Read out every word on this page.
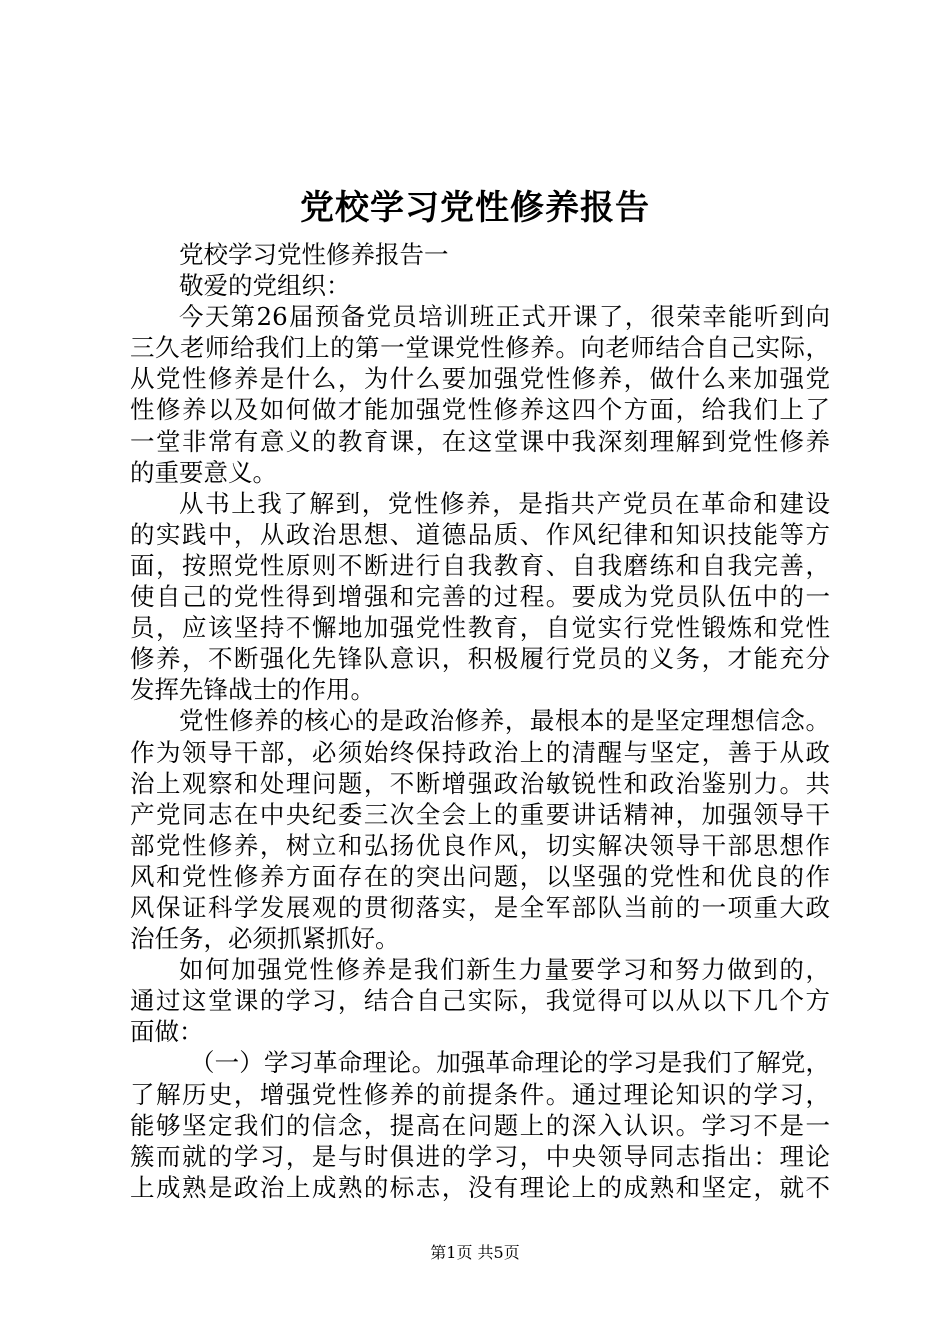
党校学习党性修养报告
党校学习党性修养报告一
敬爱的党组织：
今天第26届预备党员培训班正式开课了，很荣幸能听到向
三久老师给我们上的第一堂课党性修养。向老师结合自己实际，
从党性修养是什么，为什么要加强党性修养，做什么来加强党
性修养以及如何做才能加强党性修养这四个方面，给我们上了
一堂非常有意义的教育课，在这堂课中我深刻理解到党性修养
的重要意义。
从书上我了解到，党性修养，是指共产党员在革命和建设
的实践中，从政治思想、道德品质、作风纪律和知识技能等方
面，按照党性原则不断进行自我教育、自我磨练和自我完善，
使自己的党性得到增强和完善的过程。要成为党员队伍中的一
员，应该坚持不懈地加强党性教育，自觉实行党性锻炼和党性
修养，不断强化先锋队意识，积极履行党员的义务，才能充分
发挥先锋战士的作用。
党性修养的核心的是政治修养，最根本的是坚定理想信念。
作为领导干部，必须始终保持政治上的清醒与坚定，善于从政
治上观察和处理问题，不断增强政治敏锐性和政治鉴别力。共
产党同志在中央纪委三次全会上的重要讲话精神，加强领导干
部党性修养，树立和弘扬优良作风，切实解决领导干部思想作
风和党性修养方面存在的突出问题，以坚强的党性和优良的作
风保证科学发展观的贯彻落实，是全军部队当前的一项重大政
治任务，必须抓紧抓好。
如何加强党性修养是我们新生力量要学习和努力做到的，
通过这堂课的学习，结合自己实际，我觉得可以从以下几个方
面做：
（一）学习革命理论。加强革命理论的学习是我们了解党，
了解历史，增强党性修养的前提条件。通过理论知识的学习，
能够坚定我们的信念，提高在问题上的深入认识。学习不是一
簇而就的学习，是与时俱进的学习，中央领导同志指出：理论
上成熟是政治上成熟的标志，没有理论上的成熟和坚定，就不
第1页 共5页
